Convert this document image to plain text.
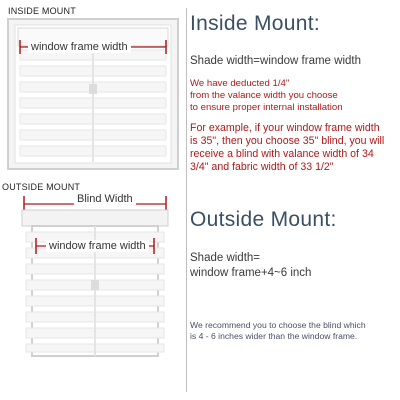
INSIDE MOUNT
window frame width
OUTSIDE MOUNT
Blind Width
window frame width
Inside Mount:
Shade width=window frame width
We have deducted 1/4"
from the valance width you choose
to ensure proper internal installation
For example, if your window frame width
is 35", then you choose 35" blind, you will
receive a blind with valance width of 34
3/4" and fabric width of 33 1/2"
Outside Mount:
Shade width=
window frame+4~6 inch
We recommend you to choose the blind which
is 4 - 6 inches wider than the window frame.
